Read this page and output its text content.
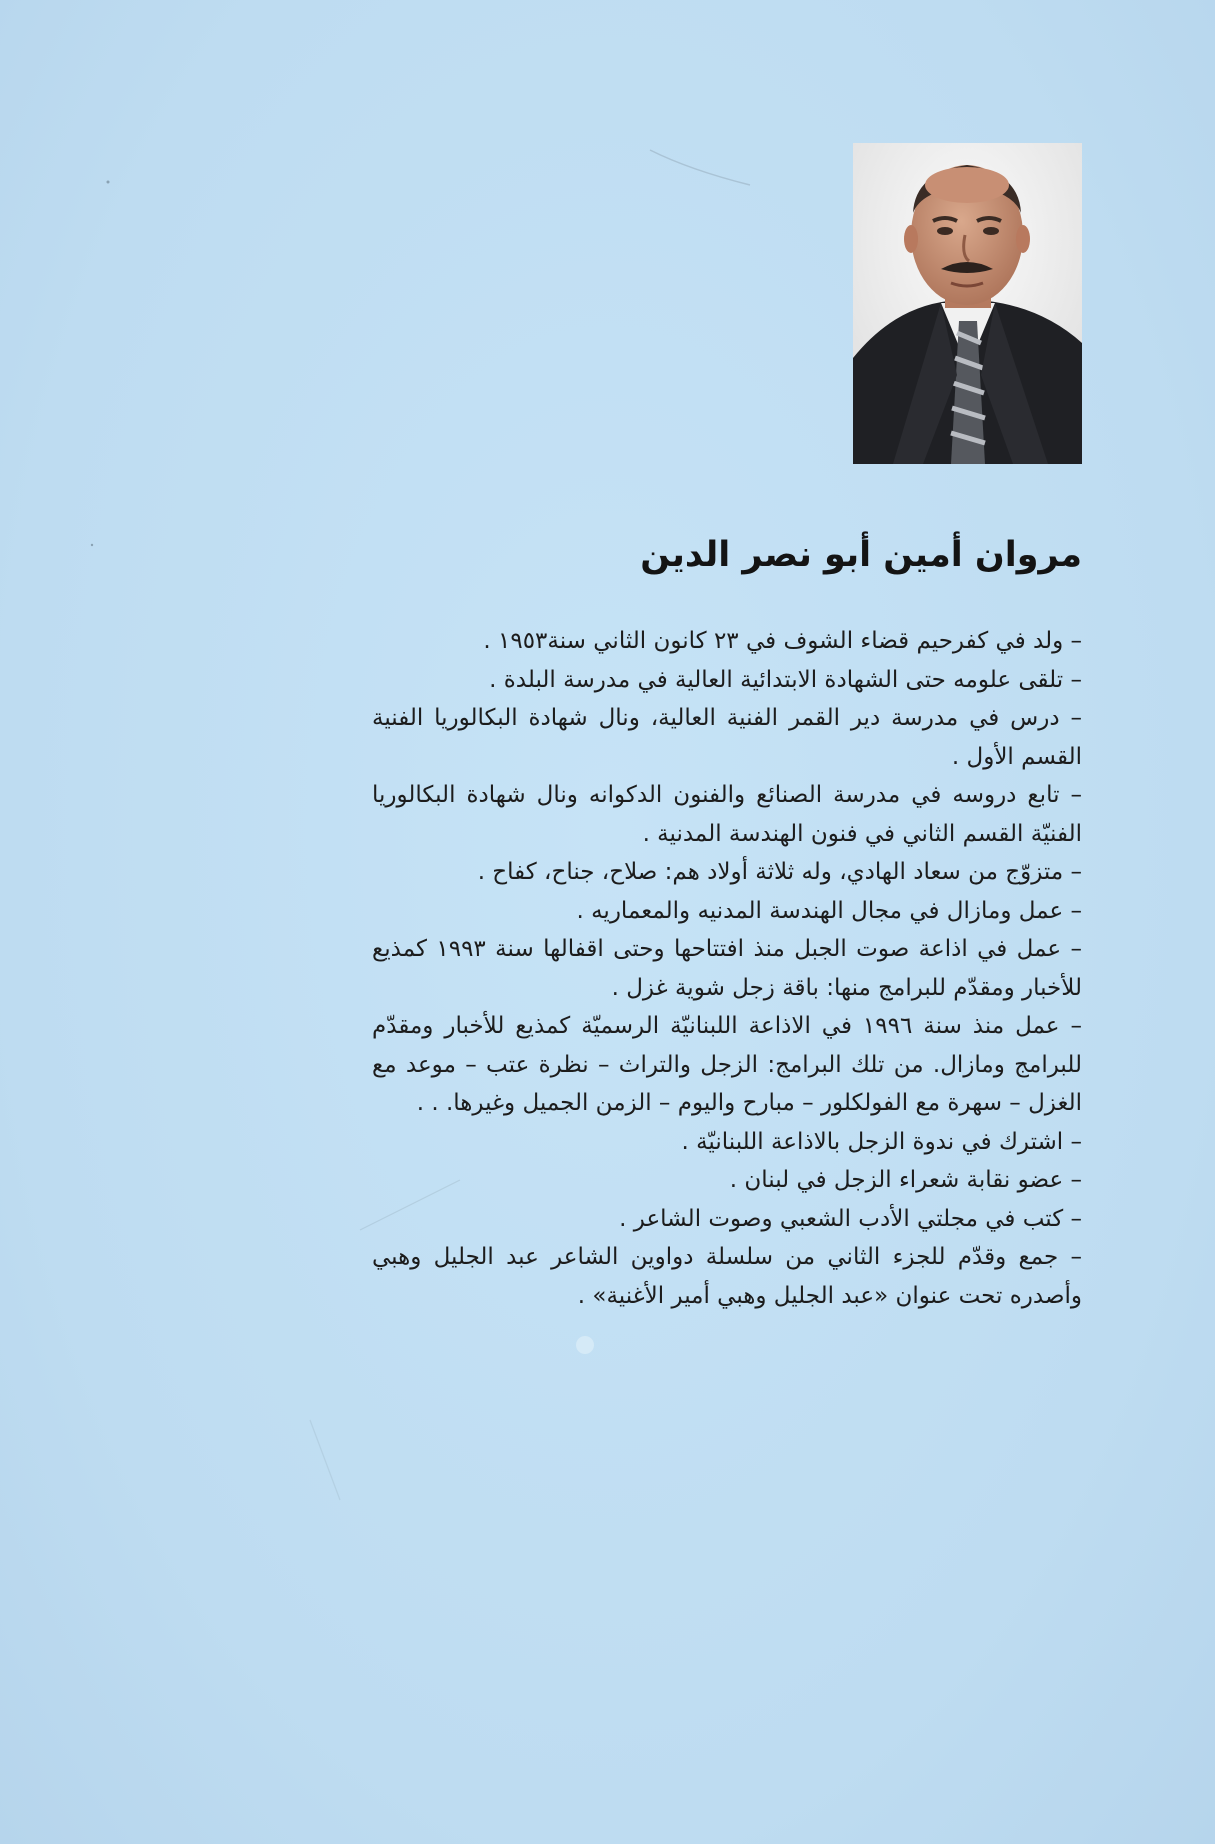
مروان أمين أبو نصر الدين

– ولد في كفرحيم قضاء الشوف في ٢٣ كانون الثاني سنة١٩٥٣ .

– تلقى علومه حتى الشهادة الابتدائية العالية في مدرسة البلدة .

– درس في مدرسة دير القمر الفنية العالية، ونال شهادة البكالوريا الفنية القسم الأول .

– تابع دروسه في مدرسة الصنائع والفنون الدكوانه ونال شهادة البكالوريا الفنيّة القسم الثاني في فنون الهندسة المدنية .

– متزوّج من سعاد الهادي، وله ثلاثة أولاد هم: صلاح، جناح، كفاح .

– عمل ومازال في مجال الهندسة المدنيه والمعماريه .

– عمل في اذاعة صوت الجبل منذ افتتاحها وحتى اقفالها سنة ١٩٩٣ كمذيع للأخبار ومقدّم للبرامج منها: باقة زجل شوية غزل .

– عمل منذ سنة ١٩٩٦ في الاذاعة اللبنانيّة الرسميّة كمذيع للأخبار ومقدّم للبرامج ومازال. من تلك البرامج: الزجل والتراث – نظرة عتب – موعد مع الغزل – سهرة مع الفولكلور – مبارح واليوم – الزمن الجميل وغيرها. . .

– اشترك في ندوة الزجل بالاذاعة اللبنانيّة .

– عضو نقابة شعراء الزجل في لبنان .

– كتب في مجلتي الأدب الشعبي وصوت الشاعر .

– جمع وقدّم للجزء الثاني من سلسلة دواوين الشاعر عبد الجليل وهبي وأصدره تحت عنوان «عبد الجليل وهبي أمير الأغنية» .
